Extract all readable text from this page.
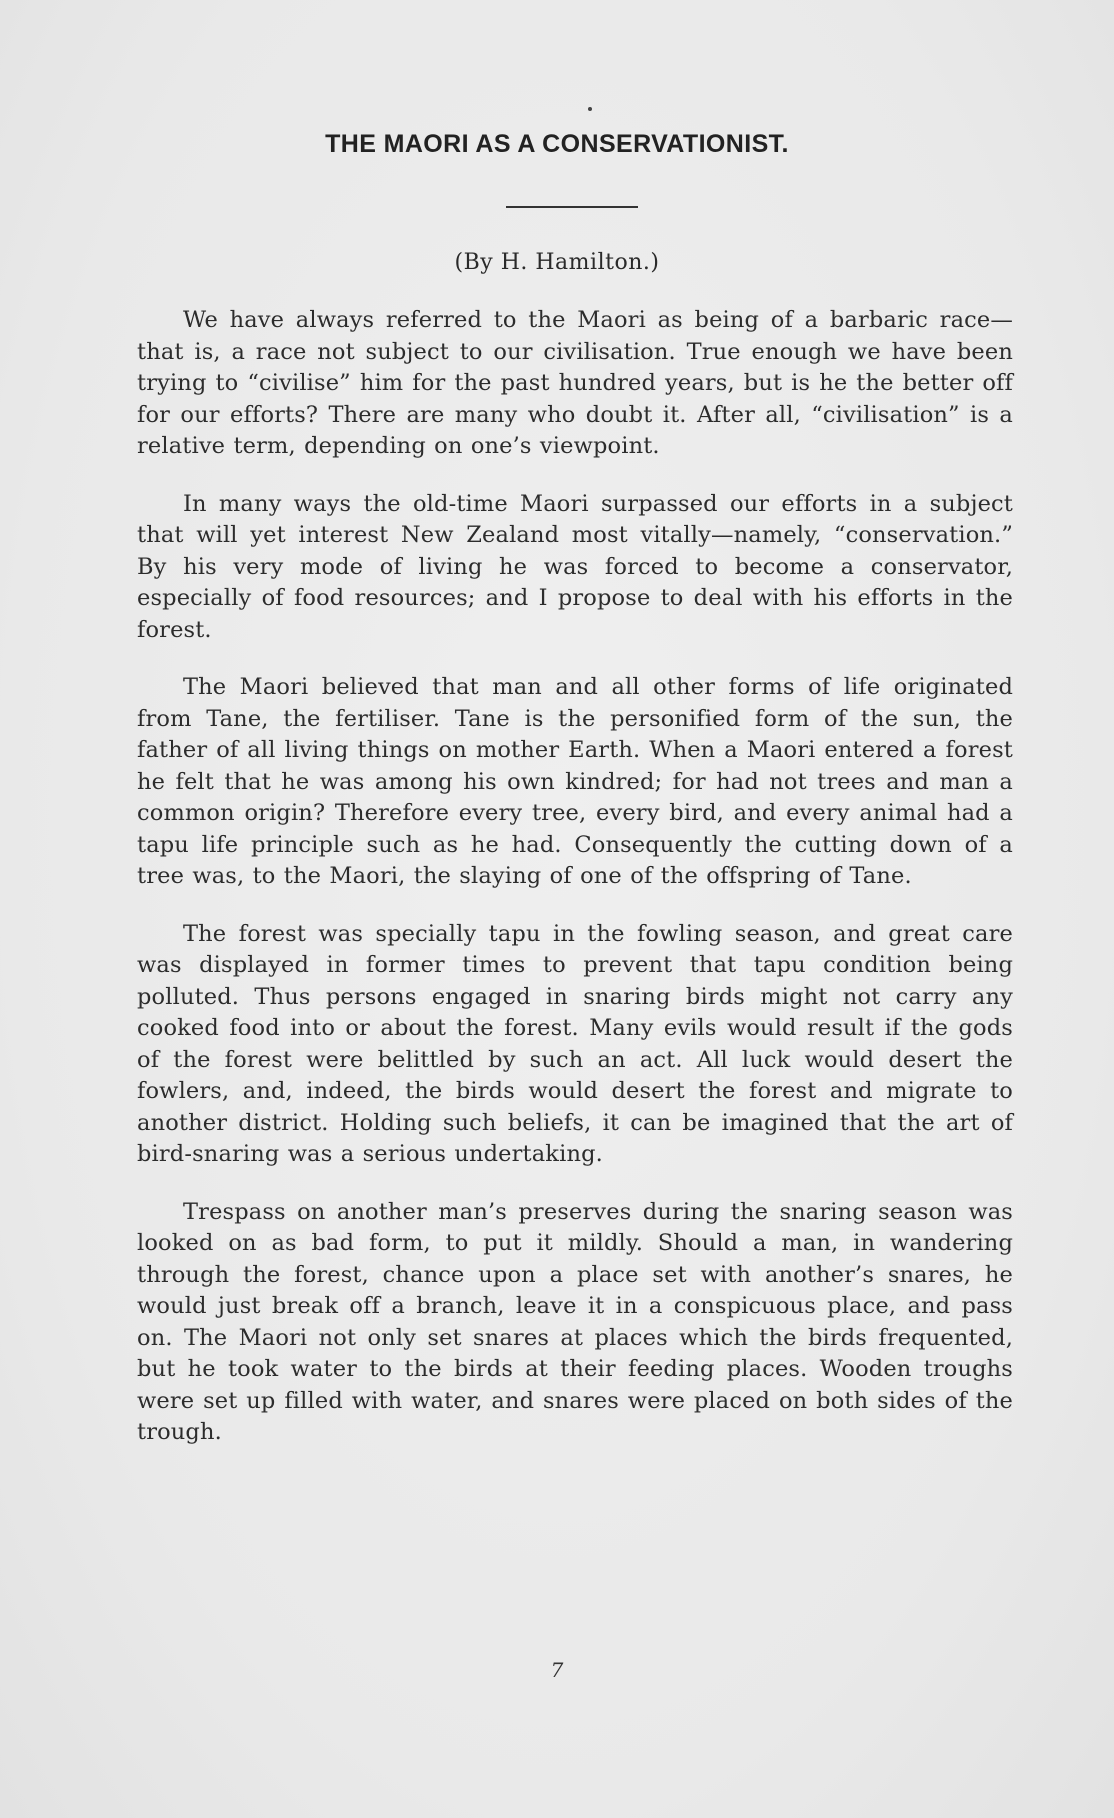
THE MAORI AS A CONSERVATIONIST.

(By H. Hamilton.)

We have always referred to the Maori as being of a barbaric race—that is, a race not subject to our civilisation. True enough we have been trying to “civilise” him for the past hundred years, but is he the better off for our efforts? There are many who doubt it. After all, “civilisation” is a relative term, depending on one’s viewpoint.

In many ways the old-time Maori surpassed our efforts in a subject that will yet interest New Zealand most vitally—namely, “conservation.” By his very mode of living he was forced to become a conservator, especially of food resources; and I propose to deal with his efforts in the forest.

The Maori believed that man and all other forms of life originated from Tane, the fertiliser. Tane is the personified form of the sun, the father of all living things on mother Earth. When a Maori entered a forest he felt that he was among his own kindred; for had not trees and man a common origin? Therefore every tree, every bird, and every animal had a tapu life principle such as he had. Consequently the cutting down of a tree was, to the Maori, the slaying of one of the offspring of Tane.

The forest was specially tapu in the fowling season, and great care was displayed in former times to prevent that tapu condition being polluted. Thus persons engaged in snaring birds might not carry any cooked food into or about the forest. Many evils would result if the gods of the forest were belittled by such an act. All luck would desert the fowlers, and, indeed, the birds would desert the forest and migrate to another district. Holding such beliefs, it can be imagined that the art of bird-snaring was a serious undertaking.

Trespass on another man’s preserves during the snaring season was looked on as bad form, to put it mildly. Should a man, in wandering through the forest, chance upon a place set with another’s snares, he would just break off a branch, leave it in a conspicuous place, and pass on. The Maori not only set snares at places which the birds frequented, but he took water to the birds at their feeding places. Wooden troughs were set up filled with water, and snares were placed on both sides of the trough.

7
